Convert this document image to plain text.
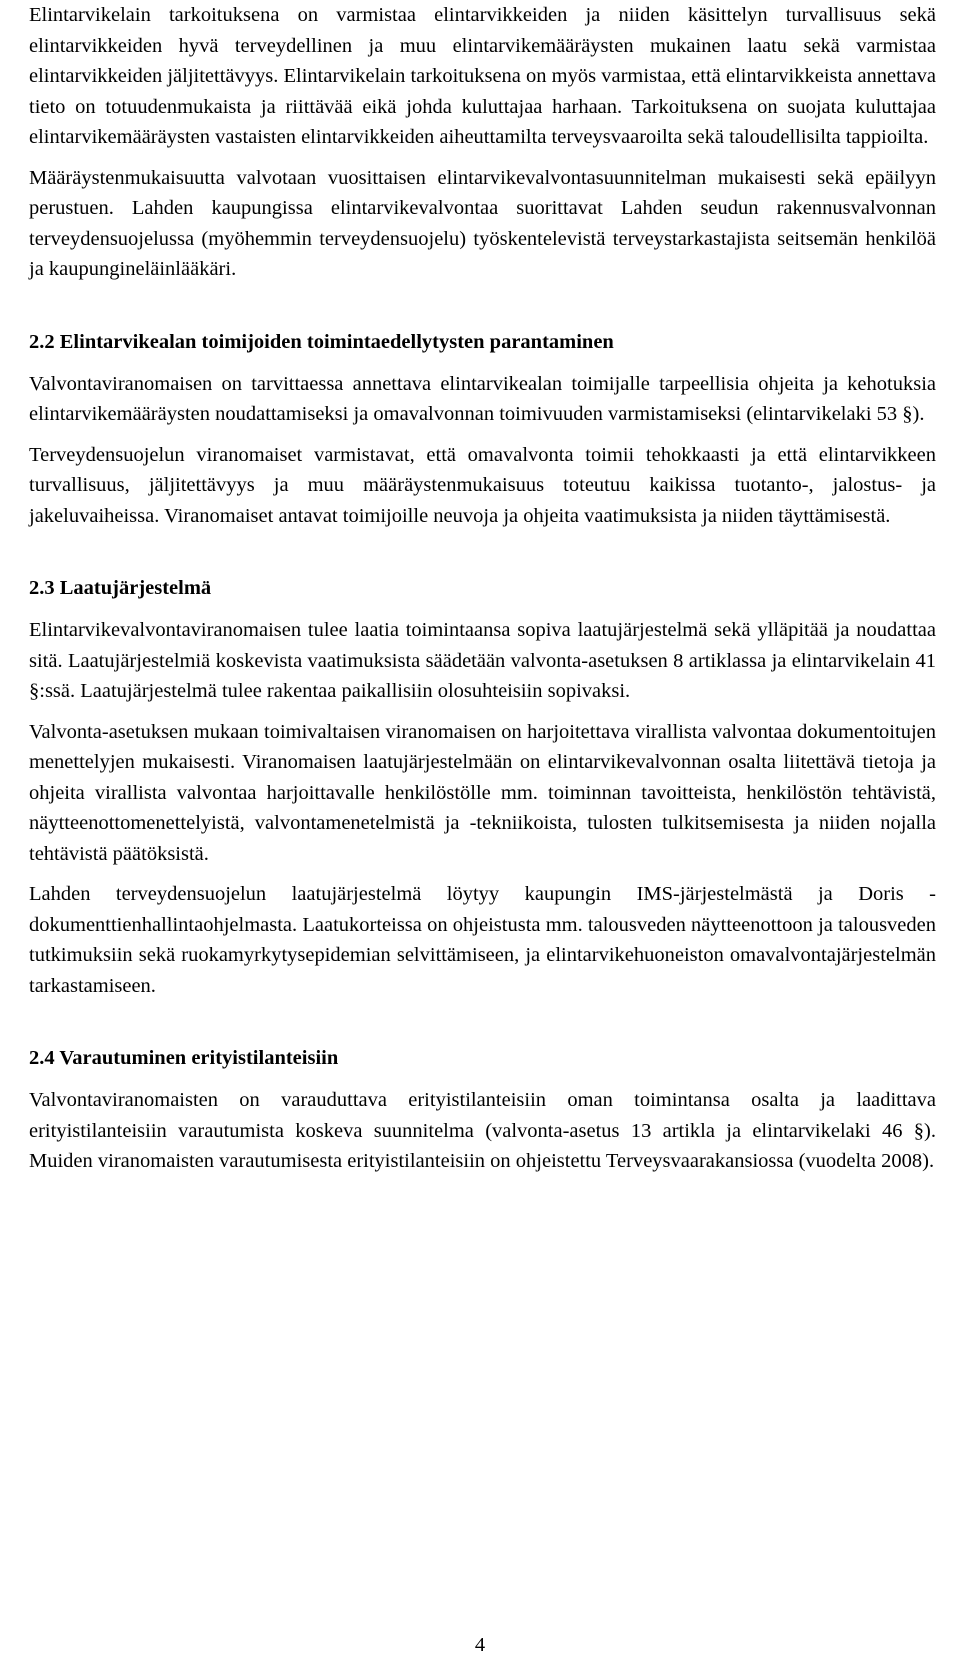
Elintarvikelain tarkoituksena on varmistaa elintarvikkeiden ja niiden käsittelyn turvallisuus sekä elintarvikkeiden hyvä terveydellinen ja muu elintarvikemääräysten mukainen laatu sekä varmistaa elintarvikkeiden jäljitettävyys. Elintarvikelain tarkoituksena on myös varmistaa, että elintarvikkeista annettava tieto on totuudenmukaista ja riittävää eikä johda kuluttajaa harhaan. Tarkoituksena on suojata kuluttajaa elintarvikemääräysten vastaisten elintarvikkeiden aiheuttamilta terveysvaaroilta sekä taloudellisilta tappioilta.

Määräystenmukaisuutta valvotaan vuosittaisen elintarvikevalvontasuunnitelman mukaisesti sekä epäilyyn perustuen. Lahden kaupungissa elintarvikevalvontaa suorittavat Lahden seudun rakennusvalvonnan terveydensuojelussa (myöhemmin terveydensuojelu) työskentelevistä terveystarkastajista seitsemän henkilöä ja kaupungineläinlääkäri.

2.2 Elintarvikealan toimijoiden toimintaedellytysten parantaminen

Valvontaviranomaisen on tarvittaessa annettava elintarvikealan toimijalle tarpeellisia ohjeita ja kehotuksia elintarvikemääräysten noudattamiseksi ja omavalvonnan toimivuuden varmistamiseksi (elintarvikelaki 53 §).

Terveydensuojelun viranomaiset varmistavat, että omavalvonta toimii tehokkaasti ja että elintarvikkeen turvallisuus, jäljitettävyys ja muu määräystenmukaisuus toteutuu kaikissa tuotanto-, jalostus- ja jakeluvaiheissa. Viranomaiset antavat toimijoille neuvoja ja ohjeita vaatimuksista ja niiden täyttämisestä.

2.3 Laatujärjestelmä

Elintarvikevalvontaviranomaisen tulee laatia toimintaansa sopiva laatujärjestelmä sekä ylläpitää ja noudattaa sitä. Laatujärjestelmiä koskevista vaatimuksista säädetään valvonta-asetuksen 8 artiklassa ja elintarvikelain 41 §:ssä. Laatujärjestelmä tulee rakentaa paikallisiin olosuhteisiin sopivaksi.

Valvonta-asetuksen mukaan toimivaltaisen viranomaisen on harjoitettava virallista valvontaa dokumentoitujen menettelyjen mukaisesti. Viranomaisen laatujärjestelmään on elintarvikevalvonnan osalta liitettävä tietoja ja ohjeita virallista valvontaa harjoittavalle henkilöstölle mm. toiminnan tavoitteista, henkilöstön tehtävistä, näytteenottomenettelyistä, valvontamenetelmistä ja -tekniikoista, tulosten tulkitsemisesta ja niiden nojalla tehtävistä päätöksistä.

Lahden terveydensuojelun laatujärjestelmä löytyy kaupungin IMS-järjestelmästä ja Doris -dokumenttienhallintaohjelmasta. Laatukorteissa on ohjeistusta mm. talousveden näytteenottoon ja talousveden tutkimuksiin sekä ruokamyrkytysepidemian selvittämiseen, ja elintarvikehuoneiston omavalvontajärjestelmän tarkastamiseen.

2.4 Varautuminen erityistilanteisiin

Valvontaviranomaisten on varauduttava erityistilanteisiin oman toimintansa osalta ja laadittava erityistilanteisiin varautumista koskeva suunnitelma (valvonta-asetus 13 artikla ja elintarvikelaki 46 §). Muiden viranomaisten varautumisesta erityistilanteisiin on ohjeistettu Terveysvaarakansiossa (vuodelta 2008).

4
